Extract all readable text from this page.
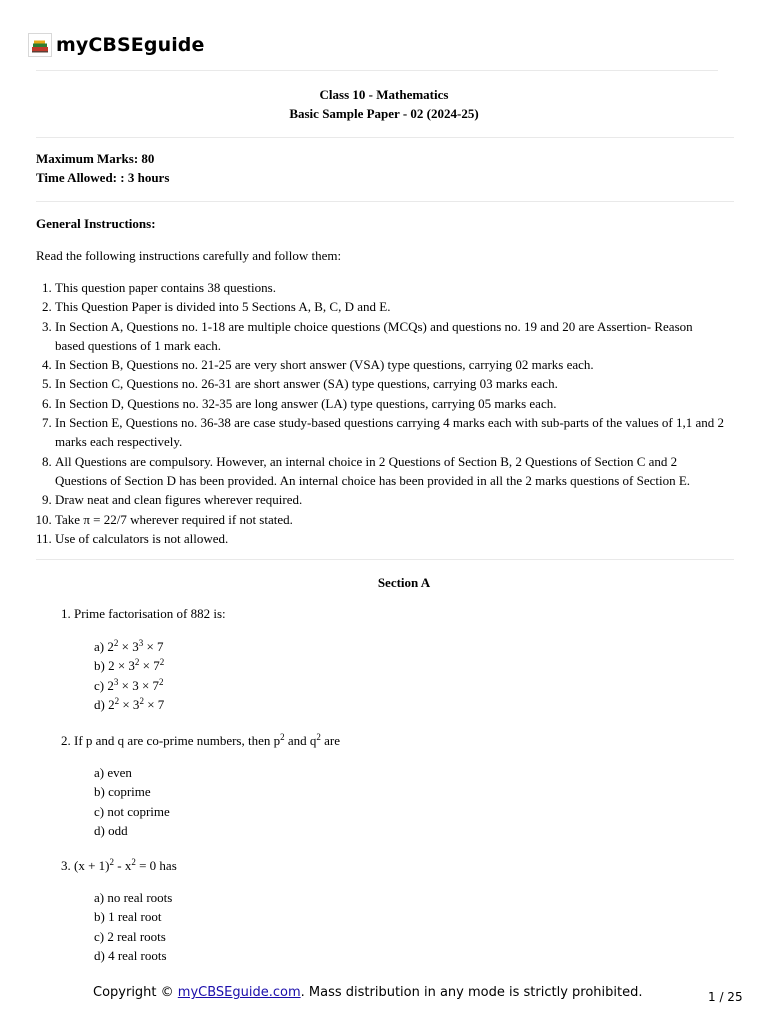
myCBSEguide
Class 10 - Mathematics
Basic Sample Paper - 02 (2024-25)
Maximum Marks: 80
Time Allowed: : 3 hours
General Instructions:
Read the following instructions carefully and follow them:
1. This question paper contains 38 questions.
2. This Question Paper is divided into 5 Sections A, B, C, D and E.
3. In Section A, Questions no. 1-18 are multiple choice questions (MCQs) and questions no. 19 and 20 are Assertion- Reason based questions of 1 mark each.
4. In Section B, Questions no. 21-25 are very short answer (VSA) type questions, carrying 02 marks each.
5. In Section C, Questions no. 26-31 are short answer (SA) type questions, carrying 03 marks each.
6. In Section D, Questions no. 32-35 are long answer (LA) type questions, carrying 05 marks each.
7. In Section E, Questions no. 36-38 are case study-based questions carrying 4 marks each with sub-parts of the values of 1,1 and 2 marks each respectively.
8. All Questions are compulsory. However, an internal choice in 2 Questions of Section B, 2 Questions of Section C and 2 Questions of Section D has been provided. An internal choice has been provided in all the 2 marks questions of Section E.
9. Draw neat and clean figures wherever required.
10. Take π = 22/7 wherever required if not stated.
11. Use of calculators is not allowed.
Section A
1. Prime factorisation of 882 is:
a) $2^2 \times 3^3 \times 7$
b) $2 \times 3^2 \times 7^2$
c) $2^3 \times 3 \times 7^2$
d) $2^2 \times 3^2 \times 7$
2. If p and q are co-prime numbers, then $p^2$ and $q^2$ are
a) even
b) coprime
c) not coprime
d) odd
3. $(x + 1)^2 - x^2 = 0$ has
a) no real roots
b) 1 real root
c) 2 real roots
d) 4 real roots
Copyright © myCBSEguide.com. Mass distribution in any mode is strictly prohibited.	1 / 25
